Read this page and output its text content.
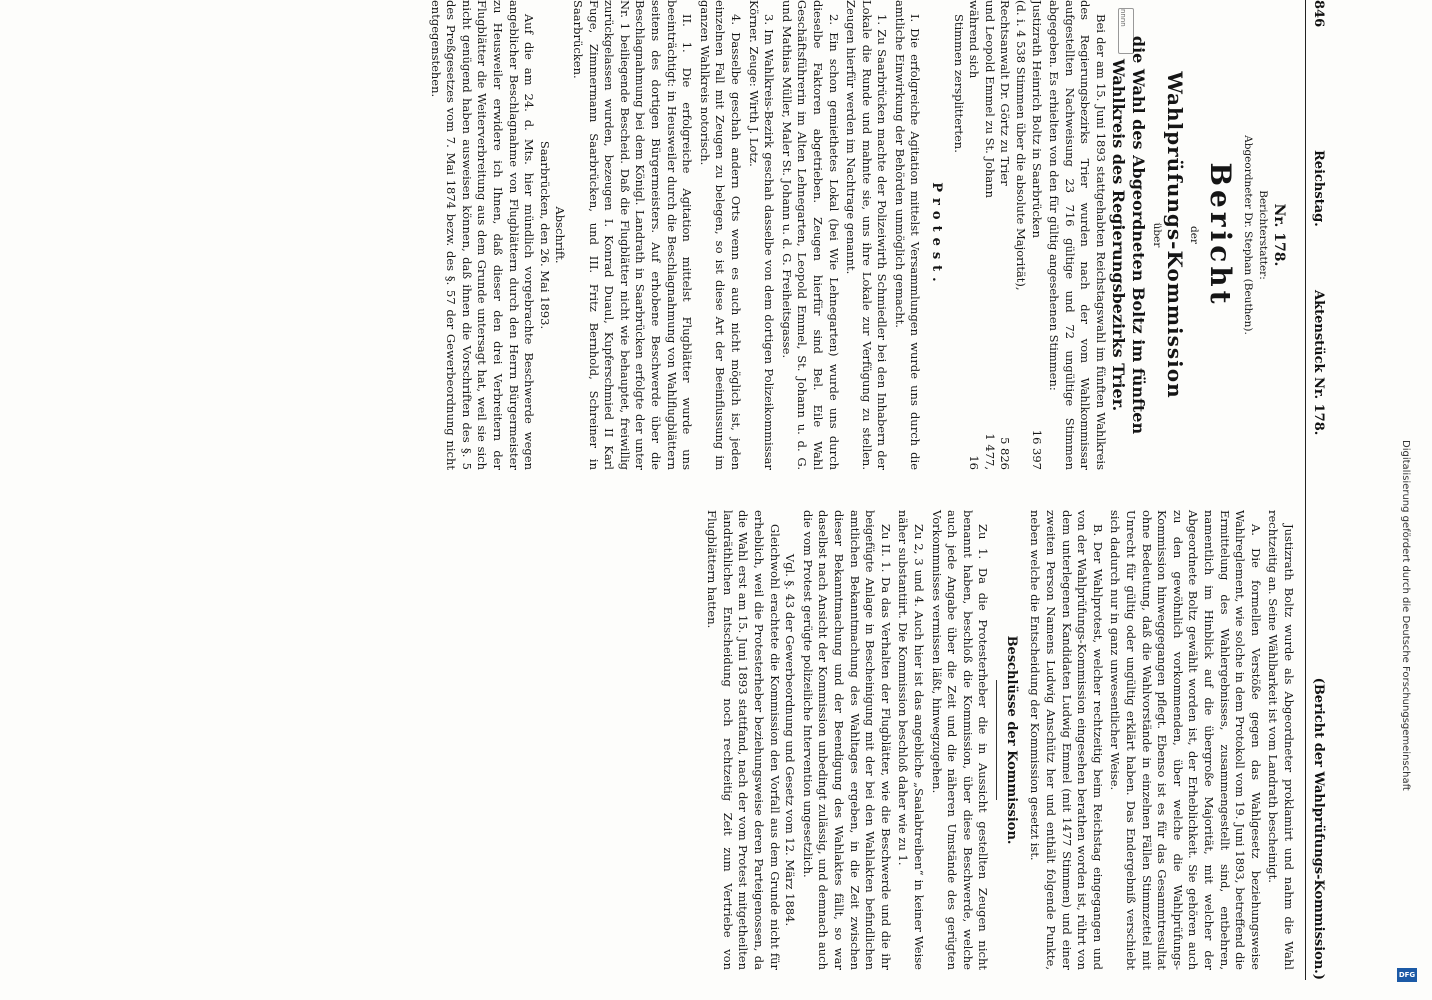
nnnn	846
Reichstag.
Aktenstück Nr. 178.
(Bericht der Wahlprüfungs-Kommission.)
Nr. 178.
Berichterstatter:
Abgeordneter Dr. Stephan (Beuthen).
Bericht
der
Wahlprüfungs-Kommission
über
die Wahl des Abgeordneten Boltz im fünften Wahlkreis des Regierungsbezirks Trier.

Bei der am 15. Juni 1893 stattgehabten Reichstagswahl im fünften Wahlkreis des Regierungsbezirks Trier wurden nach der vom Wahlkommissar aufgestellten Nachweisung 23 716 gültige und 72 ungültige Stimmen abgegeben. Es erhielten von den für gültig angesehenen Stimmen:

Justizrath Heinrich Boltz in Saarbrücken
16 397
(d. i. 4 538 Stimmen über die absolute Majorität),
Rechtsanwalt Dr. Görtz zu Trier
5 826
und Leopold Emmel zu St. Johann
1 477,
während sich
16

Stimmen zersplitterten.

Protest.

I. Die erfolgreiche Agitation mittelst Versammlungen wurde uns durch die amtliche Einwirkung der Behörden unmöglich gemacht.

1. Zu Saarbrücken machte der Polizeiwirth Schmiedler bei den Inhabern der Lokale die Runde und mahnte sie, uns ihre Lokale zur Verfügung zu stellen. Zeugen hierfür werden im Nachtrage genannt.

2. Ein schon gemiethetes Lokal (bei Wie Lehnegarten) wurde uns durch dieselbe Faktoren abgetrieben. Zeugen hierfür sind Bel. Eile Wahl Geschäftsführerin im Alten Lehnegarten, Leopold Emmel, St. Johann u. d. G. und Mathias Müller, Maler St. Johann u. d. G. Freiheitsgasse.

3. Im Wahlkreis-Bezirk geschah dasselbe von dem dortigen Polizeikommissar Körner. Zeuge: Wirth J. Lotz.

4. Dasselbe geschah andern Orts wenn es auch nicht möglich ist, jeden einzelnen Fall mit Zeugen zu belegen, so ist diese Art der Beeinflussung im ganzen Wahlkreis notorisch.

II. 1. Die erfolgreiche Agitation mittelst Flugblätter wurde uns beeinträchtigt: in Heusweiler durch die Beschlagnahmung von Wahlflugblättern seitens des dortigen Bürgermeisters. Auf erhobene Beschwerde über die Beschlagnahmung bei dem Königl. Landrath in Saarbrücken erfolgte der unter Nr. 1 beiliegende Bescheid. Daß die Flugblätter nicht wie behauptet, freiwillig zurückgelassen wurden, bezeugen I. Konrad Duaul, Kupferschmied II Karl Fuge, Zimmermann Saarbrücken, und III. Fritz Bernhold, Schreiner in Saarbrücken.

Abschrift.
Saarbrücken, den 26. Mai 1893.

Auf die am 24. d. Mts. hier mündlich vorgebrachte Beschwerde wegen angeblicher Beschlagnahme von Flugblättern durch den Herrn Bürgermeister zu Heusweiler erwidere ich Ihnen, daß dieser den drei Verbreitern der Flugblätter die Weiterverbreitung aus dem Grunde untersagt hat, weil sie sich nicht genügend haben ausweisen können, daß ihnen die Vorschriften des §. 5 des Preßgesetzes vom 7. Mai 1874 bezw. des §. 57 der Gewerbeordnung nicht entgegenstehen.

Justizrath Boltz wurde als Abgeordneter proklamirt und nahm die Wahl rechtzeitig an. Seine Wählbarkeit ist vom Landrath bescheinigt.

A. Die formellen Verstöße gegen das Wahlgesetz beziehungsweise Wahlreglement, wie solche in dem Protokoll vom 19. Juni 1893, betreffend die Ermittelung des Wahlergebnisses, zusammengestellt sind, entbehren, namentlich im Hinblick auf die übergroße Majorität, mit welcher der Abgeordnete Boltz gewählt worden ist, der Erheblichkeit. Sie gehören auch zu den gewöhnlich vorkommenden, über welche die Wahlprüfungs-Kommission hinweggegangen pflegt. Ebenso ist es für das Gesammtresultat ohne Bedeutung, daß die Wahlvorstände in einzelnen Fällen Stimmzettel mit Unrecht für gültig oder ungültig erklärt haben. Das Endergebniß verschiebt sich dadurch nur in ganz unwesentlicher Weise.

B. Der Wahlprotest, welcher rechtzeitig beim Reichstag eingegangen und von der Wahlprüfungs-Kommission eingesehen berathen worden ist, rührt von dem unterlegenen Kandidaten Ludwig Emmel (mit 1477 Stimmen) und einer zweiten Person Namens Ludwig Anschütz her und enthält folgende Punkte, neben welche die Entscheidung der Kommission gesetzt ist.

Beschlüsse der Kommission.

Zu 1. Da die Protesterheber die in Aussicht gestellten Zeugen nicht benannt haben, beschloß die Kommission, über diese Beschwerde, welche auch jede Angabe über die Zeit und die näheren Umstände des gerügten Vorkommnisses vermissen läßt, hinwegzugehen.

Zu 2, 3 und 4. Auch hier ist das angebliche „Saalabtreiben“ in keiner Weise näher substantiirt. Die Kommission beschloß daher wie zu 1.

Zu II. 1. Da das Verhalten der Flugblätter, wie die Beschwerde und die ihr beigefügte Anlage in Bescheinigung mit der bei den Wahlakten befindlichen amtlichen Bekanntmachung des Wahltages ergeben, in die Zeit zwischen dieser Bekanntmachung und der Beendigung des Wahlaktes fällt, so war daselbst nach Ansicht der Kommission unbedingt zulässig, und demnach auch die vom Protest gerügte polizeiliche Intervention ungesetzlich.

Vgl. §. 43 der Gewerbeordnung und Gesetz vom 12. März 1884.

Gleichwohl erachtete die Kommission den Vorfall aus dem Grunde nicht für erheblich, weil die Protesterheber beziehungsweise deren Parteigenossen, da die Wahl erst am 15. Juni 1893 stattfand, nach der vom Protest mitgetheilten landräthlichen Entscheidung noch rechtzeitig Zeit zum Vertriebe von Flugblättern hatten.	Digitalisierung gefördert durch die Deutsche Forschungsgemeinschaft
DFG
